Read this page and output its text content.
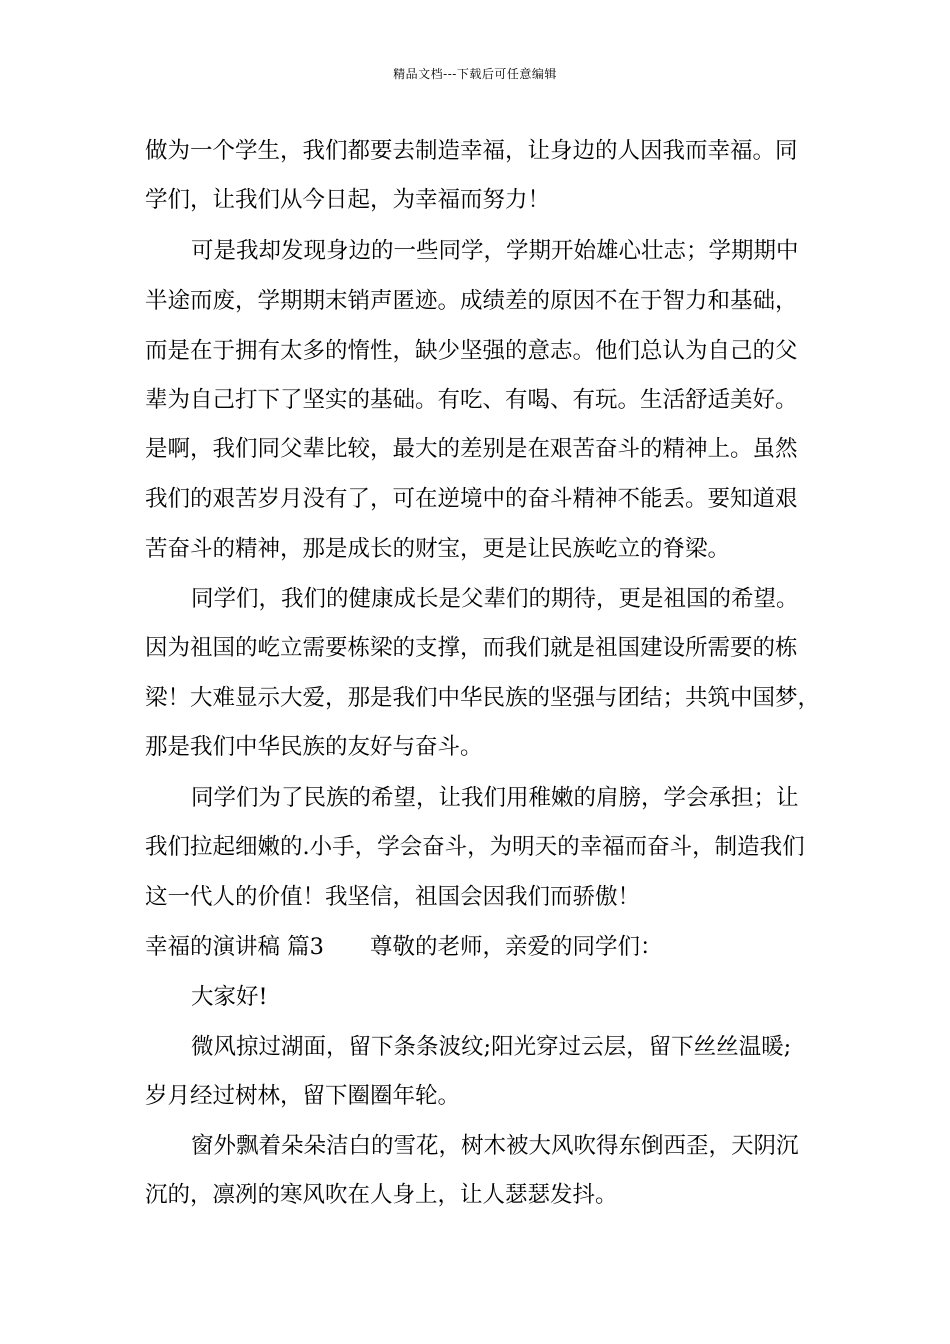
精品文档---下载后可任意编辑
做为一个学生，我们都要去制造幸福，让身边的人因我而幸福。同
学们，让我们从今日起，为幸福而努力！
可是我却发现身边的一些同学，学期开始雄心壮志；学期期中
半途而废，学期期末销声匿迹。成绩差的原因不在于智力和基础，
而是在于拥有太多的惰性，缺少坚强的意志。他们总认为自己的父
辈为自己打下了坚实的基础。有吃、有喝、有玩。生活舒适美好。
是啊，我们同父辈比较，最大的差别是在艰苦奋斗的精神上。虽然
我们的艰苦岁月没有了，可在逆境中的奋斗精神不能丢。要知道艰
苦奋斗的精神，那是成长的财宝，更是让民族屹立的脊梁。
同学们，我们的健康成长是父辈们的期待，更是祖国的希望。
因为祖国的屹立需要栋梁的支撑，而我们就是祖国建设所需要的栋
梁！大难显示大爱，那是我们中华民族的坚强与团结；共筑中国梦，
那是我们中华民族的友好与奋斗。
同学们为了民族的希望，让我们用稚嫩的肩膀，学会承担；让
我们拉起细嫩的.小手，学会奋斗，为明天的幸福而奋斗，制造我们
这一代人的价值！我坚信，祖国会因我们而骄傲！
幸福的演讲稿 篇3 尊敬的老师，亲爱的同学们：
大家好!
微风掠过湖面，留下条条波纹;阳光穿过云层，留下丝丝温暖;
岁月经过树林，留下圈圈年轮。
窗外飘着朵朵洁白的雪花，树木被大风吹得东倒西歪，天阴沉
沉的，凛冽的寒风吹在人身上，让人瑟瑟发抖。
